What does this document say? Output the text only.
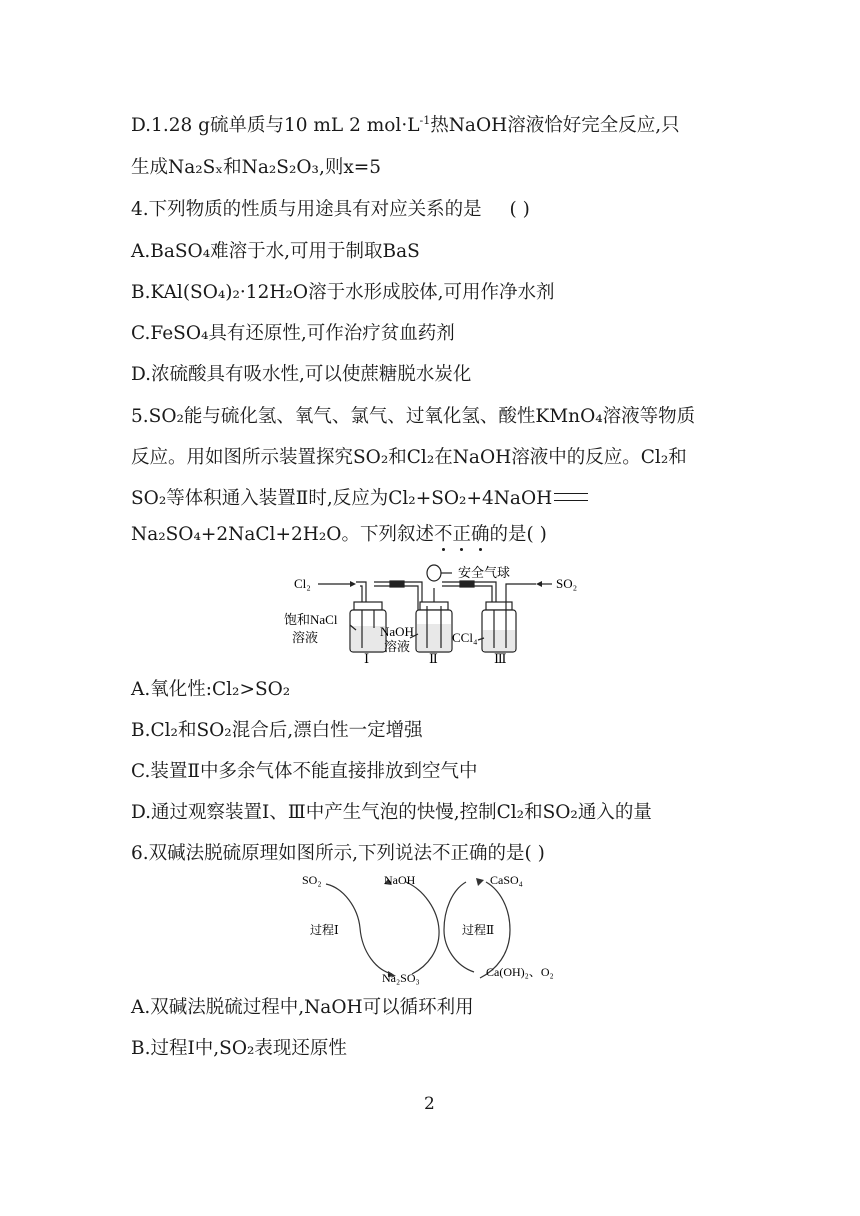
D.1.28 g硫单质与10 mL 2 $mol\cdot L^{-1}$热NaOH溶液恰好完全反应,只
生成Na₂Sₓ和Na₂S₂O₃,则x=5
4.下列物质的性质与用途具有对应关系的是 ( )
A.BaSO₄难溶于水,可用于制取BaS
B.KAl(SO₄)₂·12H₂O溶于水形成胶体,可用作净水剂
C.FeSO₄具有还原性,可作治疗贫血药剂
D.浓硫酸具有吸水性,可以使蔗糖脱水炭化
5.SO₂能与硫化氢、氧气、氯气、过氧化氢、酸性KMnO₄溶液等物质
反应。用如图所示装置探究SO₂和Cl₂在NaOH溶液中的反应。Cl₂和
SO₂等体积通入装置Ⅱ时,反应为Cl₂+SO₂+4NaOH
Na₂SO₄+2NaCl+2H₂O。下列叙述不正确的是( )
Cl₂
安全气球
SO₂
饱和NaCl
溶液	NaOH
溶液
CCl₄
Ⅰ	Ⅱ	Ⅲ
A.氧化性:Cl₂>SO₂
B.Cl₂和SO₂混合后,漂白性一定增强
C.装置Ⅱ中多余气体不能直接排放到空气中
D.通过观察装置Ⅰ、Ⅲ中产生气泡的快慢,控制Cl₂和SO₂通入的量
6.双碱法脱硫原理如图所示,下列说法不正确的是( )
SO₂	NaOH	CaSO₄
过程Ⅰ	过程Ⅱ
Na₂SO₃	Ca(OH)₂、O₂
A.双碱法脱硫过程中,NaOH可以循环利用
B.过程Ⅰ中,SO₂表现还原性
2
